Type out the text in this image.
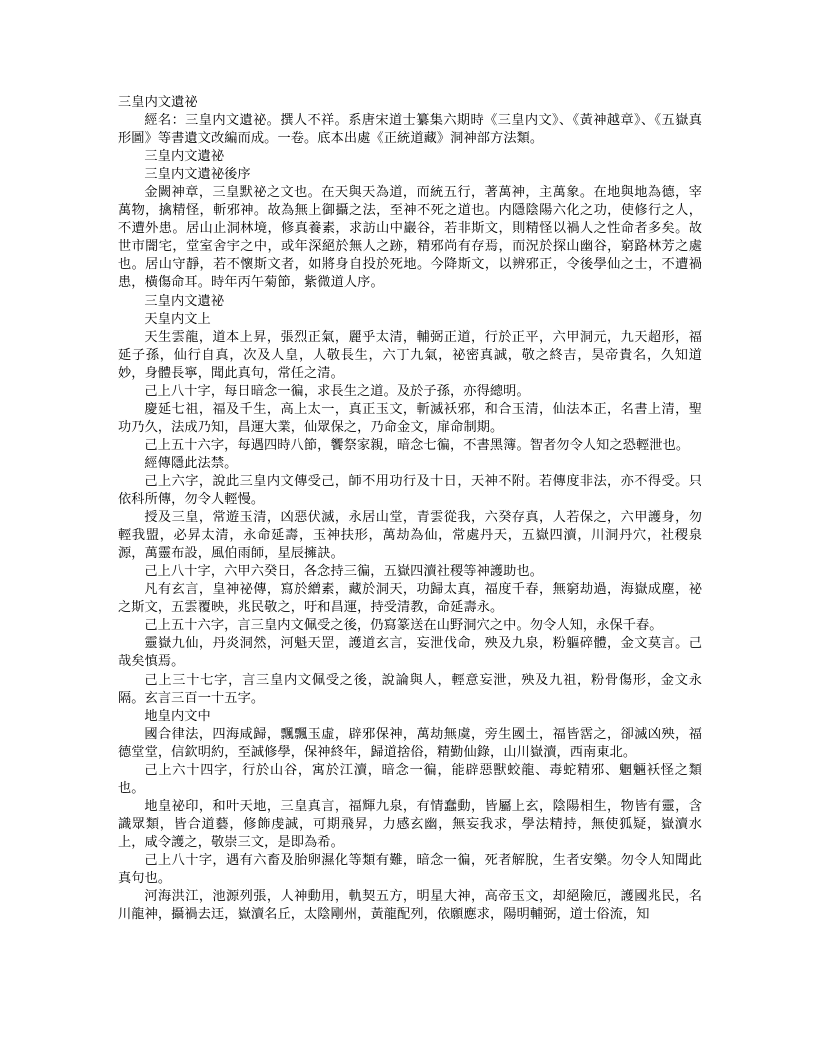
三皇内文遺祕

經名：三皇内文遺祕。撰人不祥。系唐宋道士纂集六期時《三皇内文》、《黃神越章》、《五嶽真形圖》等書遺文改編而成。一卷。底本出處《正統道藏》洞神部方法類。

三皇内文遺祕

三皇内文遺祕後序

金闕神章，三皇默祕之文也。在天與天為道，而統五行，著萬神，主萬象。在地與地為德，宰萬物，擒精怪，斬邪神。故為無上御攝之法，至神不死之道也。内隱陰陽六化之功，使修行之人，不遭外患。居山止洞林境，修真養素，求訪山中巖谷，若非斯文，則精怪以禍人之性命者多矣。故世市闇宅，堂室舍宇之中，或年深絕於無人之跡，精邪尚有存焉，而況於探山幽谷，窮路林芳之處也。居山守靜，若不懷斯文者，如將身自投於死地。今降斯文，以辨邪正，令後學仙之士，不遭禍患，橫傷命耳。時年丙午菊節，紫微道人序。

三皇内文遺祕

天皇内文上

天生雲龍，道本上昇，張烈正氣，麗乎太清，輔弼正道，行於正平，六甲洞元，九天超形，福延子孫，仙行自真，次及人皇，人敬長生，六丁九氣，祕密真誠，敬之終吉，昊帝貴名，久知道妙，身體長寧，聞此真句，常任之清。

己上八十字，每日暗念一徧，求長生之道。及於子孫，亦得總明。

慶延七祖，福及千生，高上太一，真正玉文，斬滅袄邪，和合玉清，仙法本正，名書上清，聖功乃久，法成乃知，昌運大業，仙眾保之，乃命金文，扉命制期。

己上五十六字，每遇四時八節，饗祭家親，暗念七徧，不書黑簿。智者勿令人知之恐輕泄也。

經傳隱此法禁。

己上六字，說此三皇内文傳受己，師不用功行及十日，天神不附。若傳度非法，亦不得受。只依科所傳，勿令人輕慢。

授及三皇，常遊玉清，凶惡伏滅，永居山堂，青雲從我，六癸存真，人若保之，六甲護身，勿輕我盟，必昇太清，永命延壽，玉神扶形，萬劫為仙，常處丹天，五嶽四瀆，川洞丹穴，社稷泉源，萬靈布設，風伯雨師，星辰擁訣。

己上八十字，六甲六癸日，各念持三徧，五嶽四瀆社稷等神護助也。

凡有玄言，皇神祕傳，寫於繒素，藏於洞天，功歸太真，福度千春，無窮劫過，海嶽成塵，祕之斯文，五雲覆映，兆民敬之，吁和昌運，持受清教，命延壽永。

己上五十六字，言三皇内文佩受之後，仍寫篆送在山野洞穴之中。勿令人知，永保千春。

靈嶽九仙，丹炎洞然，河魁天罡，護道玄言，妄泄伐命，殃及九泉，粉軀碎體，金文莫言。己哉矣慎焉。

己上三十七字，言三皇内文佩受之後，說論與人，輕意妄泄，殃及九祖，粉骨傷形，金文永隔。玄言三百一十五字。

地皇内文中

國合律法，四海咸歸，飄飄玉虛，辟邪保神，萬劫無虞，旁生國土，福皆霑之，卻滅凶殃，福德堂堂，信欽明約，至誠修學，保神終年，歸道捨俗，精勤仙錄，山川嶽瀆，西南東北。

己上六十四字，行於山谷，寓於江瀆，暗念一徧，能辟惡獸蛟龍、毒蛇精邪、魍魎袄怪之類也。

地皇祕印，和叶天地，三皇真言，福輝九泉，有情蠢動，皆屬上玄，陰陽相生，物皆有靈，含識眾類，皆合道藝，修飾虔誠，可期飛昇，力感玄幽，無妄我求，學法精持，無使狐疑，嶽瀆水上，咸令護之，敬崇三文，是即為希。

己上八十字，遇有六畜及胎卵濕化等類有難，暗念一徧，死者解脫，生者安樂。勿令人知聞此真句也。

河海洪江，池源列張，人神動用，軌契五方，明星大神，高帝玉文，却絕險厄，護國兆民，名川龍神，攝禍去迋，嶽瀆名丘，太陰剛州，黃龍配列，依願應求，陽明輔弼，道士俗流，知
